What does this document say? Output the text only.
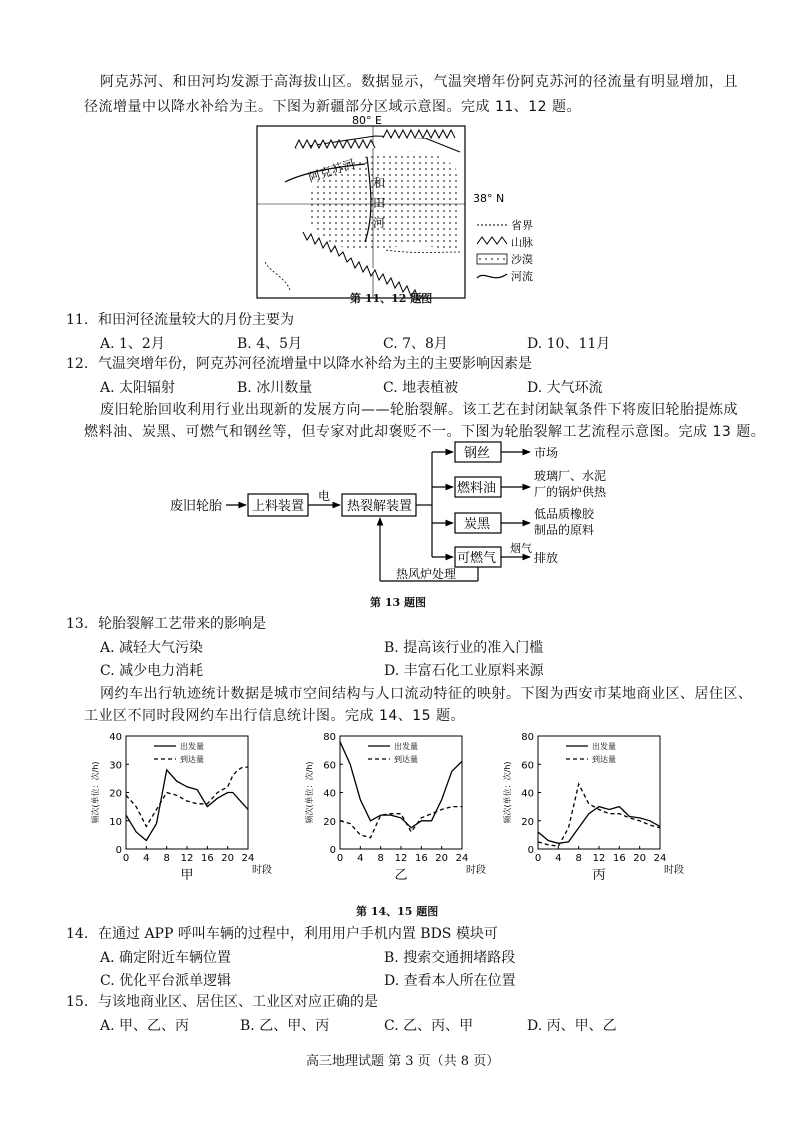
阿克苏河、和田河均发源于高海拔山区。数据显示，气温突增年份阿克苏河的径流量有明显增加，且
径流增量中以降水补给为主。下图为新疆部分区域示意图。完成 11、12 题。
80° E
38° N
阿克苏河 和
田
河	省界
山脉
沙漠
河流
第 11、12 题图
11. 和田河径流量较大的月份主要为
A. 1、2月	B. 4、5月	C. 7、8月	D. 10、11月
12. 气温突增年份，阿克苏河径流增量中以降水补给为主的主要影响因素是
A. 太阳辐射	B. 冰川数量	C. 地表植被	D. 大气环流
废旧轮胎回收利用行业出现新的发展方向——轮胎裂解。该工艺在封闭缺氧条件下将废旧轮胎提炼成
燃料油、炭黑、可燃气和钢丝等，但专家对此却褒贬不一。下图为轮胎裂解工艺流程示意图。完成 13 题。
废旧轮胎 上料装置
电
热裂解装置
钢丝
燃料油
炭黑
可燃气
烟气
市场
玻璃厂、水泥
厂的锅炉供热
低品质橡胶
制品的原料
排放
热风炉处理
第 13 题图
13. 轮胎裂解工艺带来的影响是
A. 减轻大气污染	B. 提高该行业的准入门槛
C. 减少电力消耗	D. 丰富石化工业原料来源
网约车出行轨迹统计数据是城市空间结构与人口流动特征的映射。下图为西安市某地商业区、居住区、
工业区不同时段网约车出行信息统计图。完成 14、15 题。
0
10
20
30
40
0 4 8 12 16 20 24
频次(单位：次/h)
时段
甲
出发量
到达量
0
20
40
60
80
0 4 8 12 16 20 24
频次(单位：次/h)
时段
乙
出发量
到达量
0
20
40
60
80
0 4 8 12 16 20 24
频次(单位：次/h)
时段
丙
出发量
到达量
第 14、15 题图
14. 在通过 APP 呼叫车辆的过程中，利用用户手机内置 BDS 模块可
A. 确定附近车辆位置	B. 搜索交通拥堵路段
C. 优化平台派单逻辑	D. 查看本人所在位置
15. 与该地商业区、居住区、工业区对应正确的是
A. 甲、乙、丙	B. 乙、甲、丙	C. 乙、丙、甲	D. 丙、甲、乙
高三地理试题 第 3 页（共 8 页）
